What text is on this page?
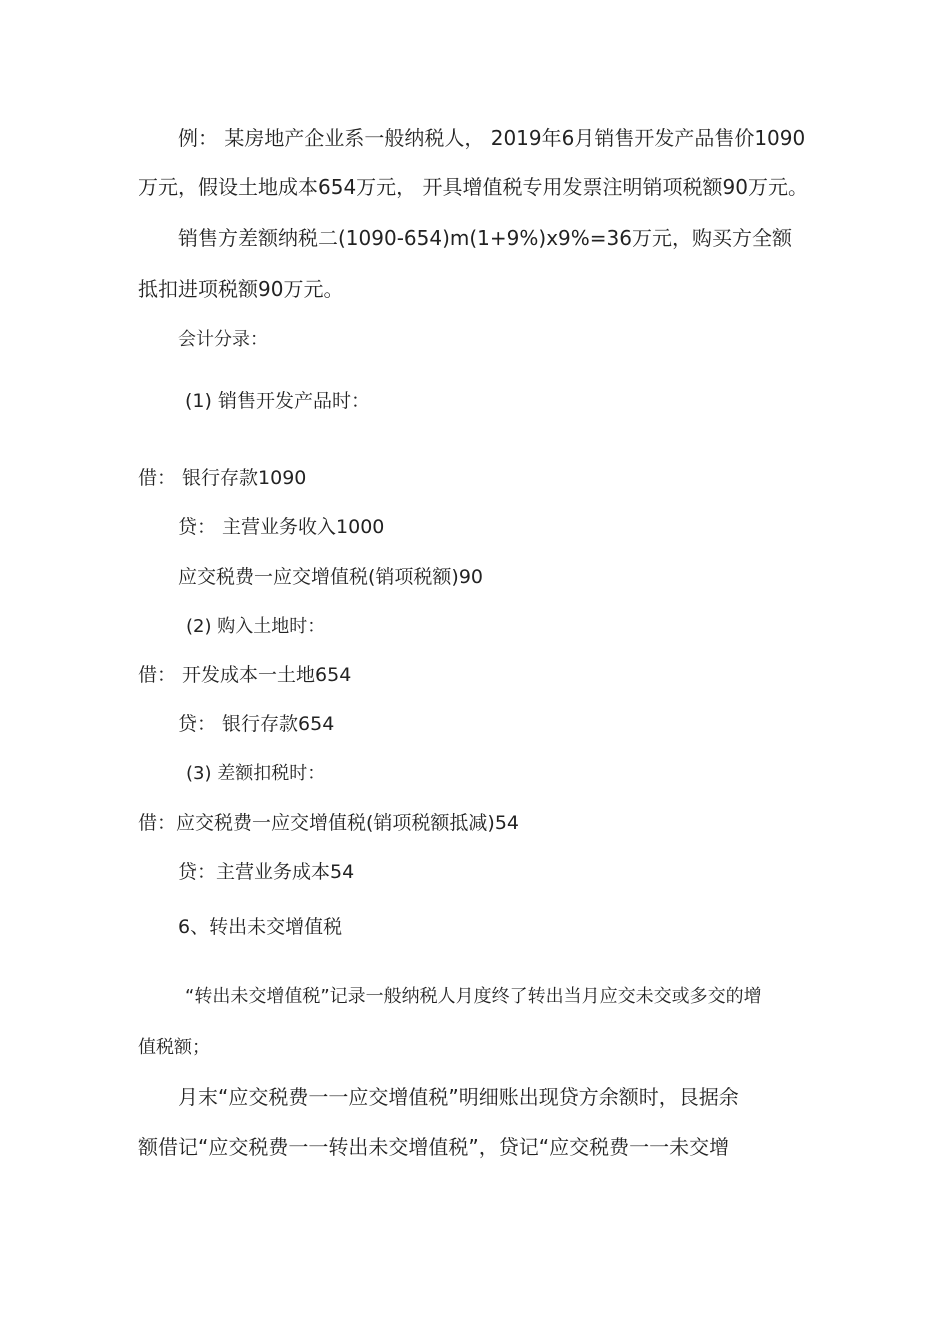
例： 某房地产企业系一般纳税人， 2019年6月销售开发产品售价1090
万元，假设土地成本654万元， 开具增值税专用发票注明销项税额90万元。
销售方差额纳税二(1090-654)m(1+9%)x9%=36万元，购买方全额
抵扣进项税额90万元。
会计分录：
(1) 销售开发产品时：
借： 银行存款1090
贷： 主营业务收入1000
应交税费一应交增值税(销项税额)90
(2) 购入土地时：
借： 开发成本一土地654
贷： 银行存款654
(3) 差额扣税时：
借：应交税费一应交增值税(销项税额抵减)54
贷：主营业务成本54
6、转出未交增值税
“转出未交增值税”记录一般纳税人月度终了转出当月应交未交或多交的增
值税额；
月末“应交税费一一应交增值税”明细账出现贷方余额时，艮据余
额借记“应交税费一一转出未交增值税”，贷记“应交税费一一未交增
